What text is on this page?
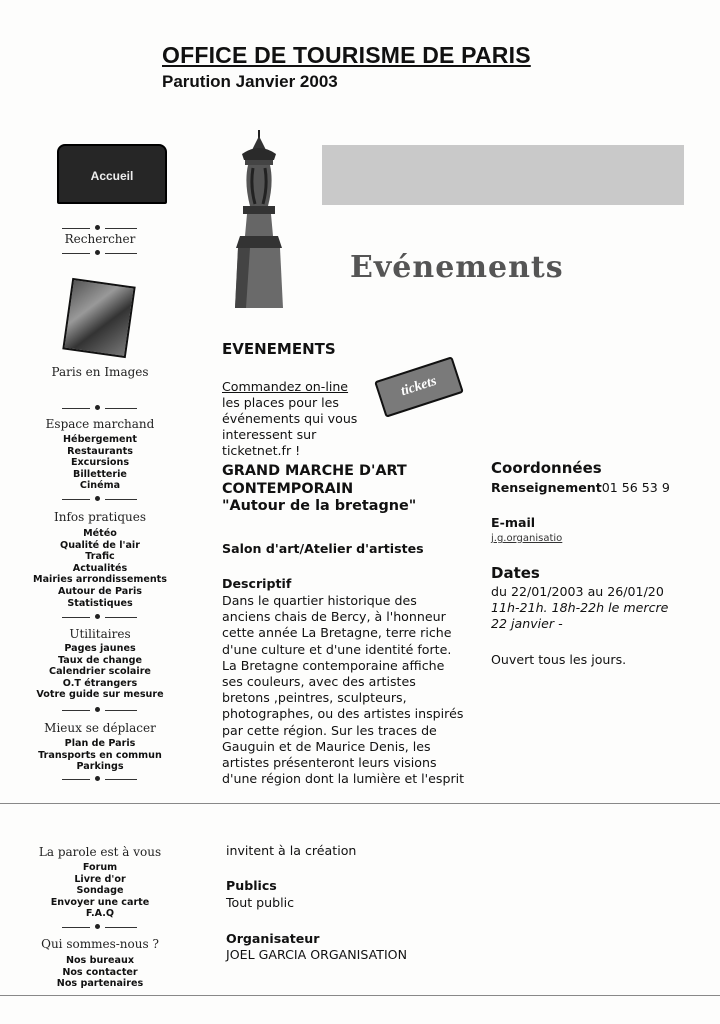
OFFICE DE TOURISME DE PARIS
Parution Janvier 2003
Accueil
Rechercher
Paris en Images
Espace marchand
Hébergement
Restaurants
Excursions
Billetterie
Cinéma
Infos pratiques
Météo
Qualité de l'air
Trafic
Actualités
Mairies arrondissements
Autour de Paris
Statistiques
Utilitaires
Pages jaunes
Taux de change
Calendrier scolaire
O.T étrangers
Votre guide sur mesure
Mieux se déplacer
Plan de Paris
Transports en commun
Parkings
La parole est à vous
Forum
Livre d'or
Sondage
Envoyer une carte
F.A.Q
Qui sommes-nous ?
Nos bureaux
Nos contacter
Nos partenaires
Evénements
EVENEMENTS
Commandez on-line
les places pour les
événements qui vous
interessent sur
ticketnet.fr !
tickets
GRAND MARCHE D'ART
CONTEMPORAIN
"Autour de la bretagne"
Salon d'art/Atelier d'artistes
Descriptif
Dans le quartier historique des
anciens chais de Bercy, à l'honneur
cette année La Bretagne, terre riche
d'une culture et d'une identité forte.
La Bretagne contemporaine affiche
ses couleurs, avec des artistes
bretons ,peintres, sculpteurs,
photographes, ou des artistes inspirés
par cette région. Sur les traces de
Gauguin et de Maurice Denis, les
artistes présenteront leurs visions
d'une région dont la lumière et l'esprit
invitent à la création
Publics
Tout public
Organisateur
JOEL GARCIA ORGANISATION
Coordonnées
Renseignement01 56 53 9
E-mail
j.g.organisatio
Dates
du 22/01/2003 au 26/01/20
11h-21h. 18h-22h le mercre
22 janvier -
Ouvert tous les jours.
